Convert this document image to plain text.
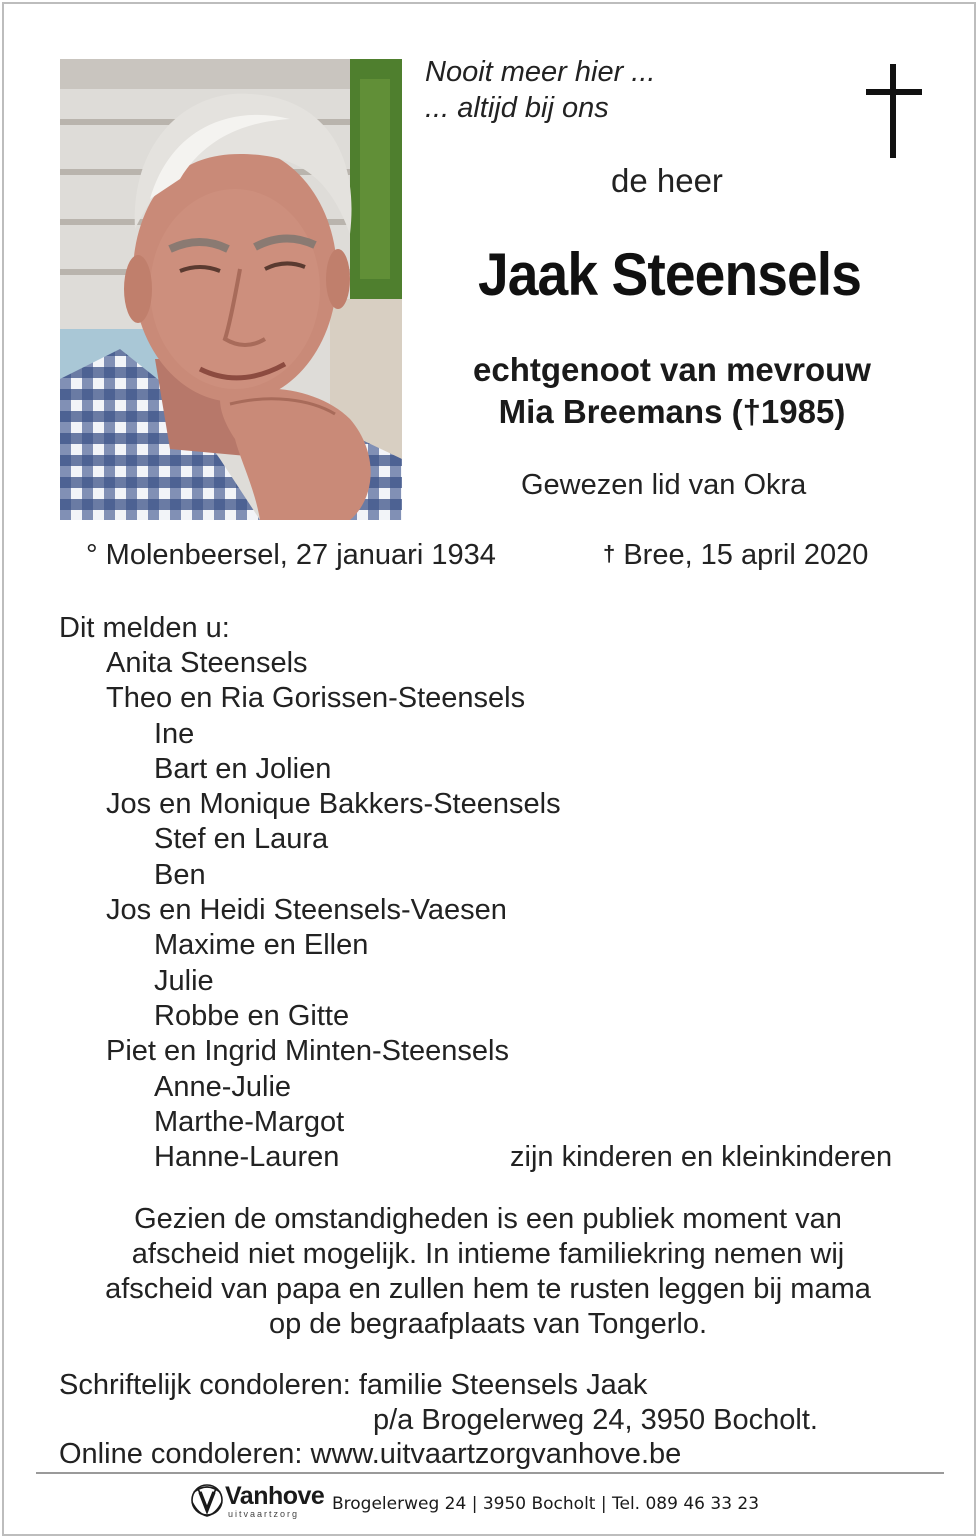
Nooit meer hier ...
... altijd bij ons
de heer
Jaak Steensels
echtgenoot van mevrouw
Mia Breemans (†1985)
Gewezen lid van Okra
° Molenbeersel, 27 januari 1934	† Bree, 15 april 2020
Dit melden u:
Anita Steensels
Theo en Ria Gorissen-Steensels
Ine
Bart en Jolien
Jos en Monique Bakkers-Steensels
Stef en Laura
Ben
Jos en Heidi Steensels-Vaesen
Maxime en Ellen
Julie
Robbe en Gitte
Piet en Ingrid Minten-Steensels
Anne-Julie
Marthe-Margot
Hanne-Lauren	zijn kinderen en kleinkinderen
Gezien de omstandigheden is een publiek moment van
afscheid niet mogelijk. In intieme familiekring nemen wij
afscheid van papa en zullen hem te rusten leggen bij mama
op de begraafplaats van Tongerlo.
Schriftelijk condoleren: familie Steensels Jaak
p/a Brogelerweg 24, 3950 Bocholt.
Online condoleren: www.uitvaartzorgvanhove.be
Vanhove
uitvaartzorg Brogelerweg 24 | 3950 Bocholt | Tel. 089 46 33 23
